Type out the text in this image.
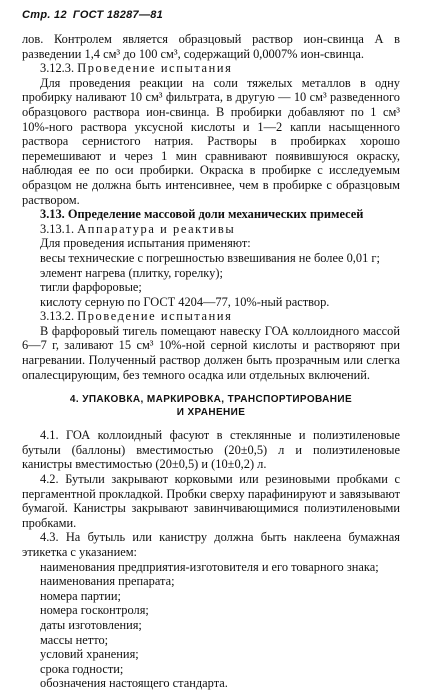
Стр. 12 ГОСТ 18287—81

лов. Контролем является образцовый раствор ион-свинца А в разведении 1,4 см³ до 100 см³, содержащий 0,0007% ион-свинца.

3.12.3. Проведение испытания

Для проведения реакции на соли тяжелых металлов в одну пробирку наливают 10 см³ фильтрата, в другую — 10 см³ разведенного образцового раствора ион-свинца. В пробирки добавляют по 1 см³ 10%-ного раствора уксусной кислоты и 1—2 капли насыщенного раствора сернистого натрия. Растворы в пробирках хорошо перемешивают и через 1 мин сравнивают появившуюся окраску, наблюдая ее по оси пробирки. Окраска в пробирке с исследуемым образцом не должна быть интенсивнее, чем в пробирке с образцовым раствором.

3.13. Определение массовой доли механических примесей

3.13.1. Аппаратура и реактивы

Для проведения испытания применяют:

весы технические с погрешностью взвешивания не более 0,01 г;

элемент нагрева (плитку, горелку);

тигли фарфоровые;

кислоту серную по ГОСТ 4204—77, 10%-ный раствор.

3.13.2. Проведение испытания

В фарфоровый тигель помещают навеску ГОА коллоидного массой 6—7 г, заливают 15 см³ 10%-ной серной кислоты и растворяют при нагревании. Полученный раствор должен быть прозрачным или слегка опалесцирующим, без темного осадка или отдельных включений.

4. УПАКОВКА, МАРКИРОВКА, ТРАНСПОРТИРОВАНИЕ
И ХРАНЕНИЕ

4.1. ГОА коллоидный фасуют в стеклянные и полиэтиленовые бутыли (баллоны) вместимостью (20±0,5) л и полиэтиленовые канистры вместимостью (20±0,5) и (10±0,2) л.

4.2. Бутыли закрывают корковыми или резиновыми пробками с пергаментной прокладкой. Пробки сверху парафинируют и завязывают бумагой. Канистры закрывают завинчивающимися полиэтиленовыми пробками.

4.3. На бутыль или канистру должна быть наклеена бумажная этикетка с указанием:

наименования предприятия-изготовителя и его товарного знака;

наименования препарата;

номера партии;

номера госконтроля;

даты изготовления;

массы нетто;

условий хранения;

срока годности;

обозначения настоящего стандарта.
